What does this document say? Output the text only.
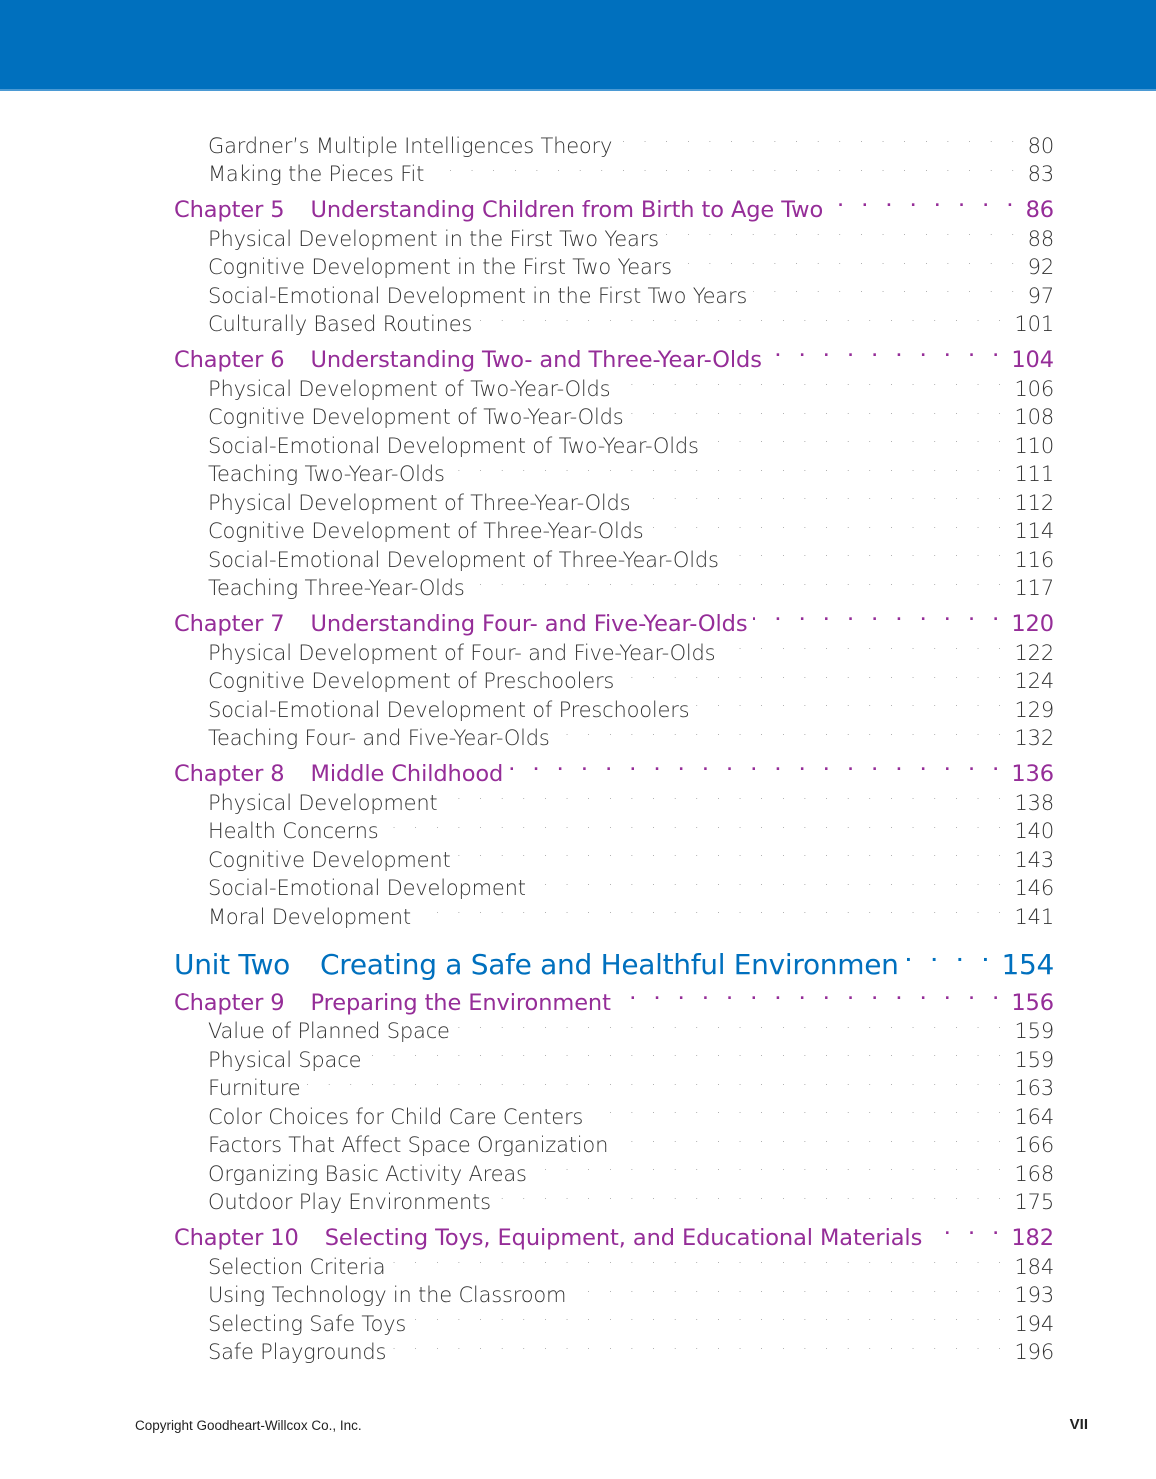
Gardner’s Multiple Intelligences Theory . . .	80
Making the Pieces Fit . . .	83
Chapter 5 Understanding Children from Birth to Age Two . . .	86
Physical Development in the First Two Years . . .	88
Cognitive Development in the First Two Years . . .	92
Social-Emotional Development in the First Two Years . . .	97
Culturally Based Routines . . .	101
Chapter 6 Understanding Two- and Three-Year-Olds . . .	104
Physical Development of Two-Year-Olds . . .	106
Cognitive Development of Two-Year-Olds . . .	108
Social-Emotional Development of Two-Year-Olds . . .	110
Teaching Two-Year-Olds . . .	111
Physical Development of Three-Year-Olds . . .	112
Cognitive Development of Three-Year-Olds . . .	114
Social-Emotional Development of Three-Year-Olds . . .	116
Teaching Three-Year-Olds . . .	117
Chapter 7 Understanding Four- and Five-Year-Olds . . .	120
Physical Development of Four- and Five-Year-Olds . . .	122
Cognitive Development of Preschoolers . . .	124
Social-Emotional Development of Preschoolers . . .	129
Teaching Four- and Five-Year-Olds . . .	132
Chapter 8 Middle Childhood . . .	136
Physical Development . . .	138
Health Concerns . . .	140
Cognitive Development . . .	143
Social-Emotional Development . . .	146
Moral Development . . .	141
Unit Two Creating a Safe and Healthful Environmen . . .	154
Chapter 9 Preparing the Environment . . .	156
Value of Planned Space . . .	159
Physical Space . . .	159
Furniture . . .	163
Color Choices for Child Care Centers . . .	164
Factors That Affect Space Organization . . .	166
Organizing Basic Activity Areas . . .	168
Outdoor Play Environments . . .	175
Chapter 10 Selecting Toys, Equipment, and Educational Materials . . .	182
Selection Criteria . . .	184
Using Technology in the Classroom . . .	193
Selecting Safe Toys . . .	194
Safe Playgrounds . . .	196
Copyright Goodheart-Willcox Co., Inc.	VII
